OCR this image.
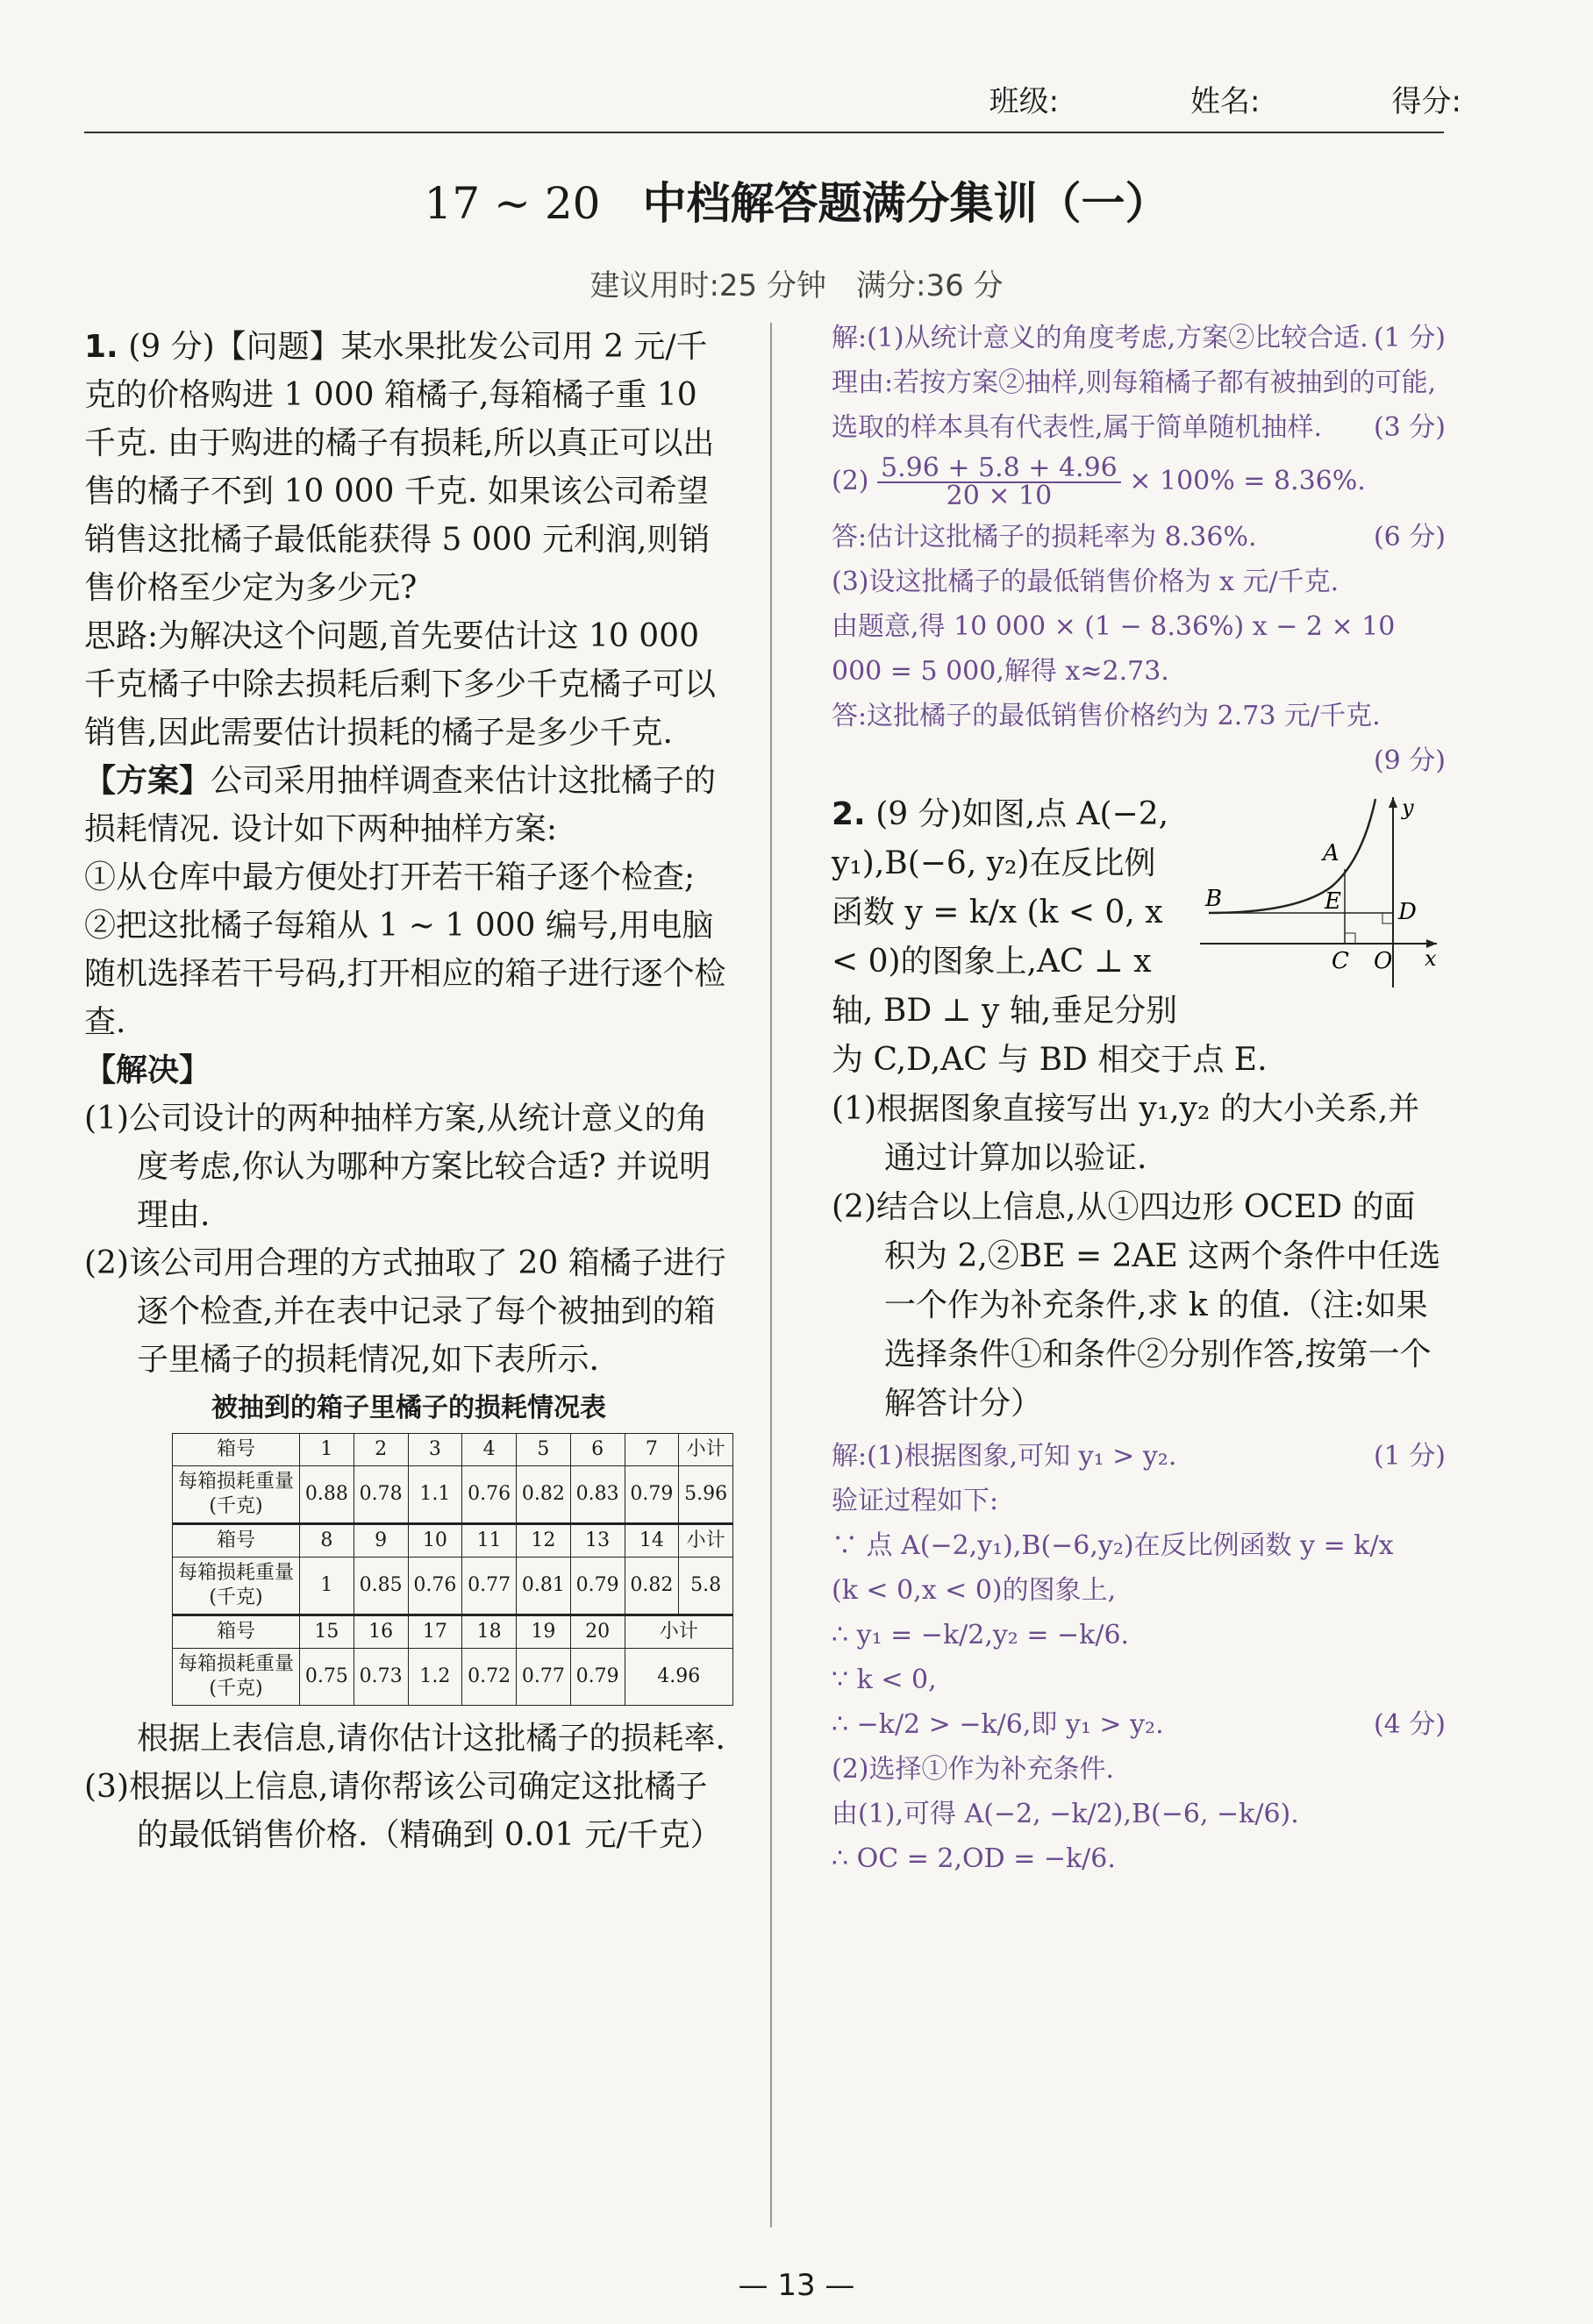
班级:	姓名:	得分:
17 ~ 20 中档解答题满分集训（一）
建议用时:25 分钟　满分:36 分
1. (9 分)【问题】某水果批发公司用 2 元/千克的价格购进 1 000 箱橘子,每箱橘子重 10 千克. 由于购进的橘子有损耗,所以真正可以出售的橘子不到 10 000 千克. 如果该公司希望销售这批橘子最低能获得 5 000 元利润,则销售价格至少定为多少元?
思路:为解决这个问题,首先要估计这 10 000 千克橘子中除去损耗后剩下多少千克橘子可以销售,因此需要估计损耗的橘子是多少千克.
【方案】公司采用抽样调查来估计这批橘子的损耗情况. 设计如下两种抽样方案:
①从仓库中最方便处打开若干箱子逐个检查;
②把这批橘子每箱从 1 ~ 1 000 编号,用电脑随机选择若干号码,打开相应的箱子进行逐个检查.
【解决】
(1)公司设计的两种抽样方案,从统计意义的角度考虑,你认为哪种方案比较合适? 并说明理由.
(2)该公司用合理的方式抽取了 20 箱橘子进行逐个检查,并在表中记录了每个被抽到的箱子里橘子的损耗情况,如下表所示.
被抽到的箱子里橘子的损耗情况表
箱号	1	2	3	4	5	6	7	小计
每箱损耗重量(千克)	0.88	0.78	1.1	0.76	0.82	0.83	0.79	5.96
箱号	8	9	10	11	12	13	14	小计
每箱损耗重量(千克)	1	0.85	0.76	0.77	0.81	0.79	0.82	5.8
箱号	15	16	17	18	19	20	小计	
每箱损耗重量(千克)	0.75	0.73	1.2	0.72	0.77	0.79	4.96	
根据上表信息,请你估计这批橘子的损耗率.
(3)根据以上信息,请你帮该公司确定这批橘子的最低销售价格.（精确到 0.01 元/千克）
解:(1)从统计意义的角度考虑,方案②比较合适. (1 分)
理由:若按方案②抽样,则每箱橘子都有被抽到的可能,选取的样本具有代表性,属于简单随机抽样. (3 分)
$(2) \frac{5.96 + 5.8 + 4.96}{20 \times 10} \times 100\% = 8.36\%$.
答:估计这批橘子的损耗率为 8.36%.	(6 分)
(3)设这批橘子的最低销售价格为 x 元/千克.
由题意,得 10 000 × (1 − 8.36%) x − 2 × 10 000 = 5 000,解得 x≈2.73.
答:这批橘子的最低销售价格约为 2.73 元/千克.
(9 分)
A
B
C
D
E
O x
y
2. (9 分)如图,点 A(−2, y₁),B(−6, y₂)在反比例函数 y = k/x (k < 0, x < 0)的图象上,AC ⊥ x 轴, BD ⊥ y 轴,垂足分别为 C,D,AC 与 BD 相交于点 E.
(1)根据图象直接写出 y₁,y₂ 的大小关系,并通过计算加以验证.
(2)结合以上信息,从①四边形 OCED 的面积为 2,②BE = 2AE 这两个条件中任选一个作为补充条件,求 k 的值.（注:如果选择条件①和条件②分别作答,按第一个解答计分）
解:(1)根据图象,可知 y₁ > y₂.	(1 分)
验证过程如下:
∵ 点 A(−2,y₁),B(−6,y₂)在反比例函数 y = k/x
(k < 0,x < 0)的图象上,
∴ y₁ = −k/2,y₂ = −k/6.
∵ k < 0,
∴ −k/2 > −k/6,即 y₁ > y₂.	(4 分)
(2)选择①作为补充条件.
由(1),可得 A(−2, −k/2),B(−6, −k/6).
∴ OC = 2,OD = −k/6.
— 13 —
